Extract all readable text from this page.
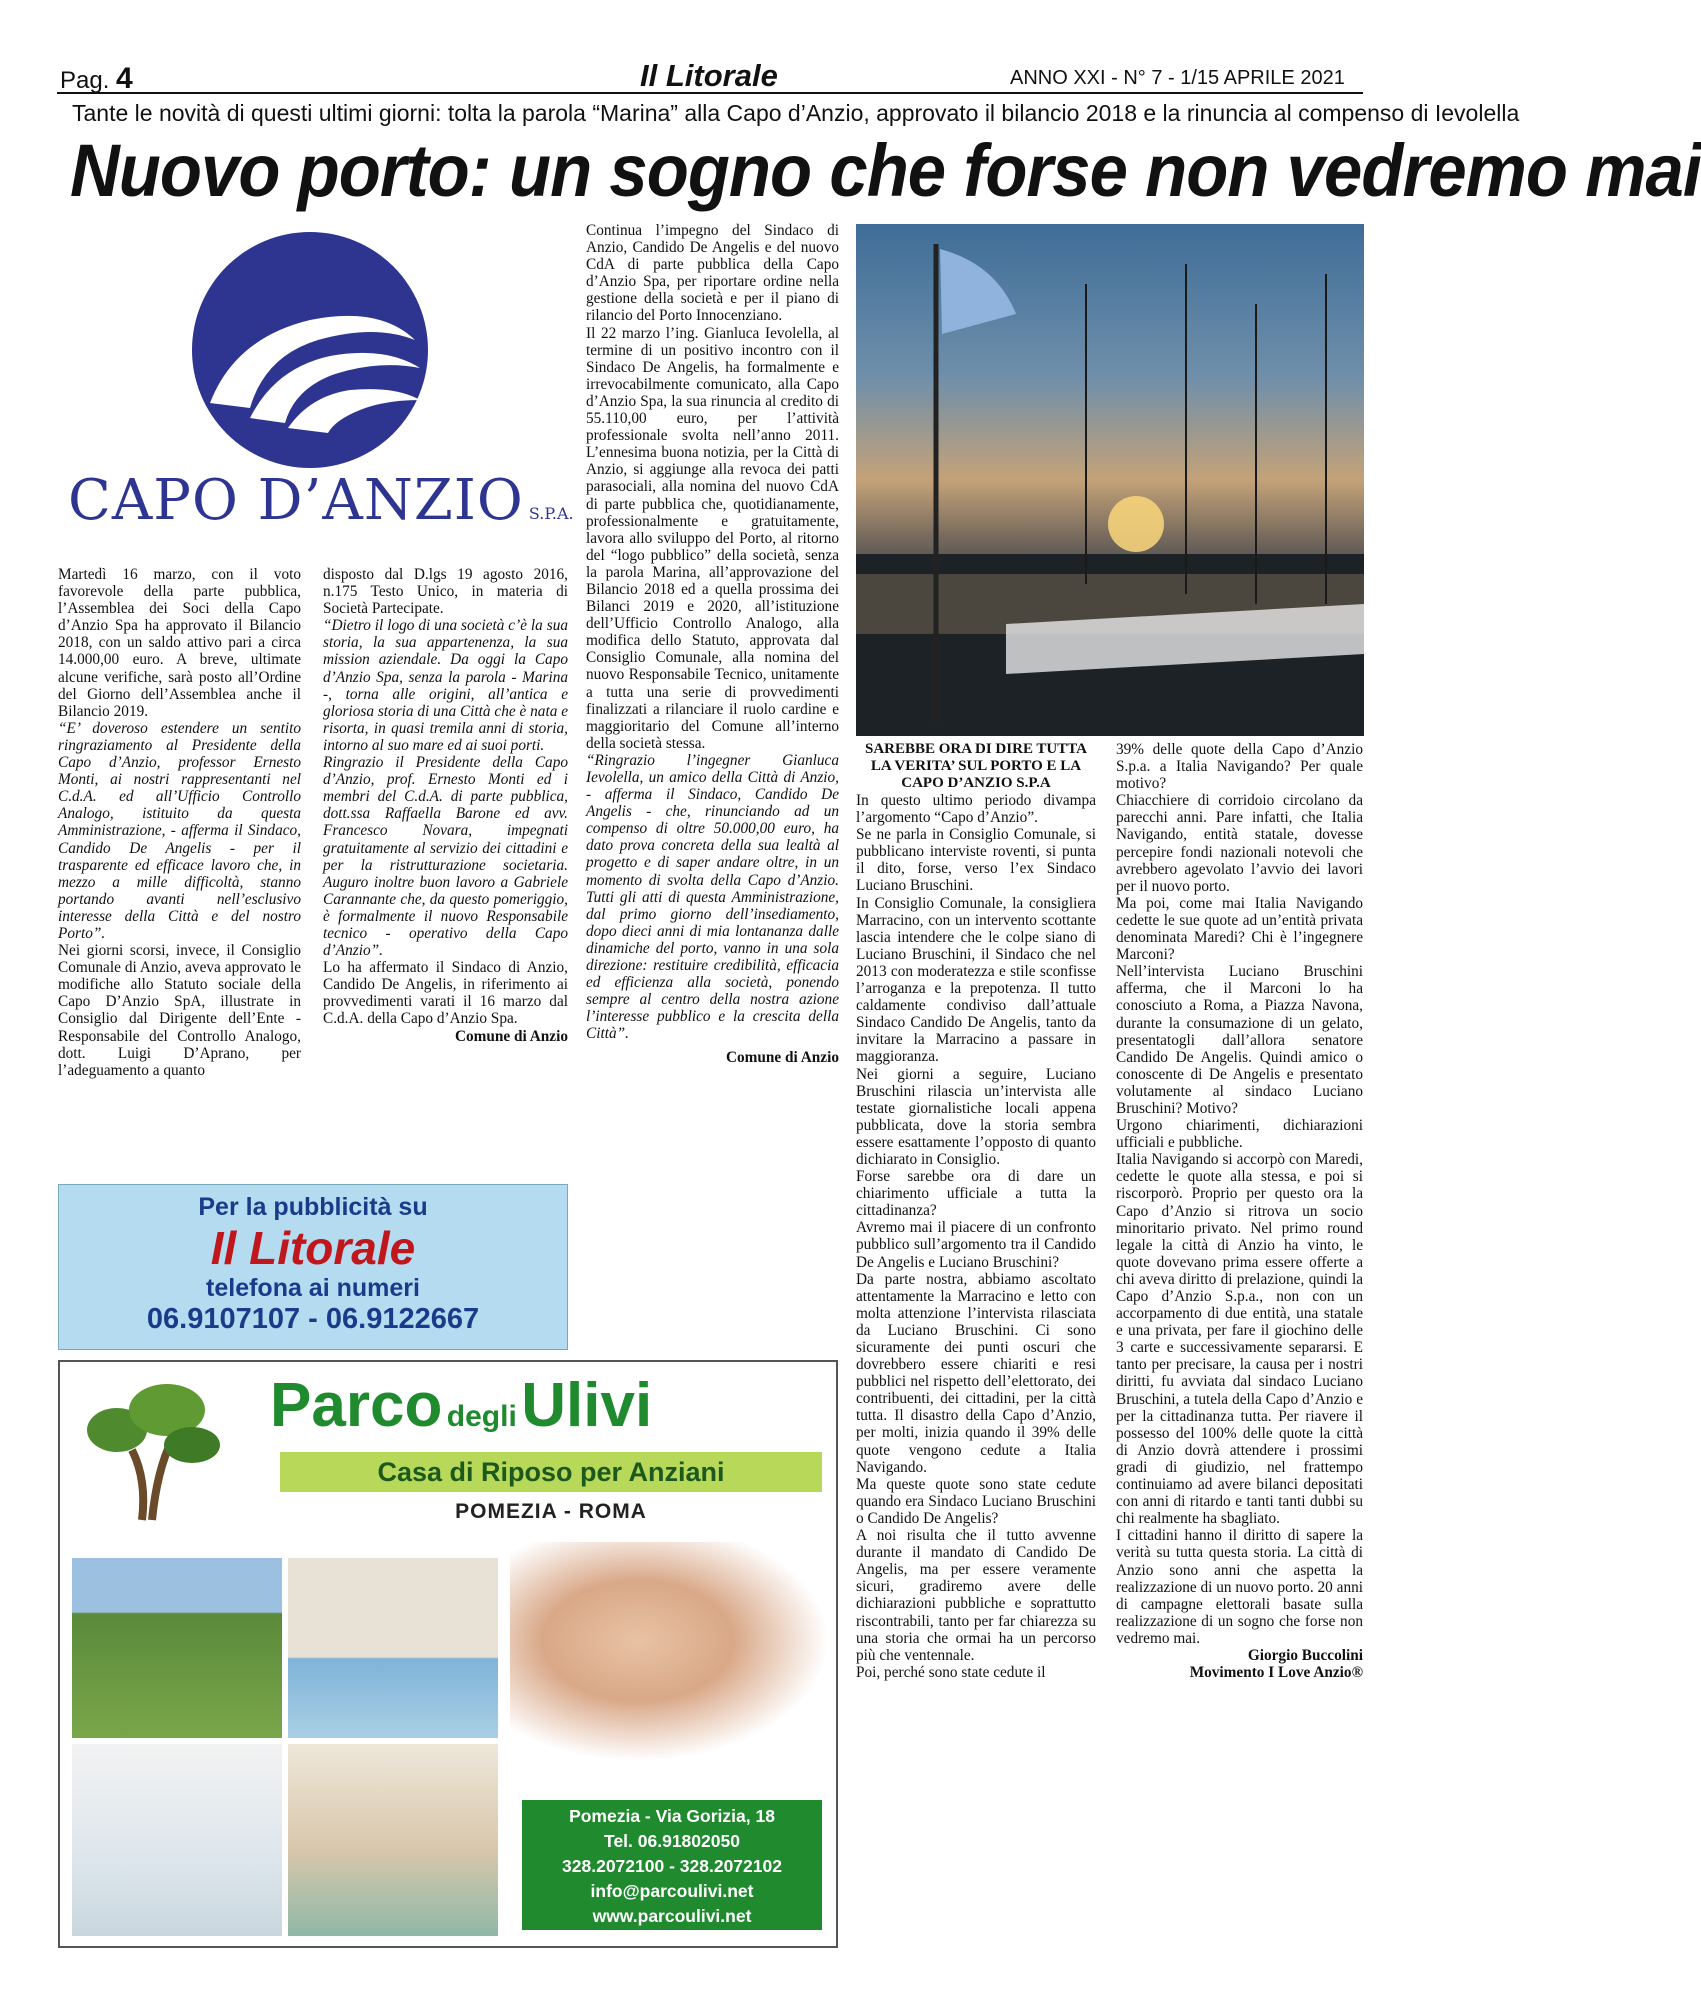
Pag. 4	Il Litorale	ANNO XXI - N° 7 - 1/15 APRILE 2021
Tante le novità di questi ultimi giorni: tolta la parola “Marina” alla Capo d’Anzio, approvato il bilancio 2018 e la rinuncia al compenso di Ievolella
Nuovo porto: un sogno che forse non vedremo mai
CAPO D’ANZIO S.P.A.

Martedì 16 marzo, con il voto favorevole della parte pubblica, l’Assemblea dei Soci della Capo d’Anzio Spa ha approvato il Bilancio 2018, con un saldo attivo pari a circa 14.000,00 euro. A breve, ultimate alcune verifiche, sarà posto all’Ordine del Giorno dell’Assemblea anche il Bilancio 2019.

“E’ doveroso estendere un sentito ringraziamento al Presidente della Capo d’Anzio, professor Ernesto Monti, ai nostri rappresentanti nel C.d.A. ed all’Ufficio Controllo Analogo, istituito da questa Amministrazione, - afferma il Sindaco, Candido De Angelis - per il trasparente ed efficace lavoro che, in mezzo a mille difficoltà, stanno portando avanti nell’esclusivo interesse della Città e del nostro Porto”.

Nei giorni scorsi, invece, il Consiglio Comunale di Anzio, aveva approvato le modifiche allo Statuto sociale della Capo D’Anzio SpA, illustrate in Consiglio dal Dirigente dell’Ente - Responsabile del Controllo Analogo, dott. Luigi D’Aprano, per l’adeguamento a quanto

disposto dal D.lgs 19 agosto 2016, n.175 Testo Unico, in materia di Società Partecipate.

“Dietro il logo di una società c’è la sua storia, la sua appartenenza, la sua mission aziendale. Da oggi la Capo d’Anzio Spa, senza la parola - Marina -, torna alle origini, all’antica e gloriosa storia di una Città che è nata e risorta, in quasi tremila anni di storia, intorno al suo mare ed ai suoi porti.

Ringrazio il Presidente della Capo d’Anzio, prof. Ernesto Monti ed i membri del C.d.A. di parte pubblica, dott.ssa Raffaella Barone ed avv. Francesco Novara, impegnati gratuitamente al servizio dei cittadini e per la ristrutturazione societaria. Auguro inoltre buon lavoro a Gabriele Carannante che, da questo pomeriggio, è formalmente il nuovo Responsabile tecnico - operativo della Capo d’Anzio”.

Lo ha affermato il Sindaco di Anzio, Candido De Angelis, in riferimento ai provvedimenti varati il 16 marzo dal C.d.A. della Capo d’Anzio Spa.

Comune di Anzio

Continua l’impegno del Sindaco di Anzio, Candido De Angelis e del nuovo CdA di parte pubblica della Capo d’Anzio Spa, per riportare ordine nella gestione della società e per il piano di rilancio del Porto Innocenziano.

Il 22 marzo l’ing. Gianluca Ievolella, al termine di un positivo incontro con il Sindaco De Angelis, ha formalmente e irrevocabilmente comunicato, alla Capo d’Anzio Spa, la sua rinuncia al credito di 55.110,00 euro, per l’attività professionale svolta nell’anno 2011. L’ennesima buona notizia, per la Città di Anzio, si aggiunge alla revoca dei patti parasociali, alla nomina del nuovo CdA di parte pubblica che, quotidianamente, professionalmente e gratuitamente, lavora allo sviluppo del Porto, al ritorno del “logo pubblico” della società, senza la parola Marina, all’approvazione del Bilancio 2018 ed a quella prossima dei Bilanci 2019 e 2020, all’istituzione dell’Ufficio Controllo Analogo, alla modifica dello Statuto, approvata dal Consiglio Comunale, alla nomina del nuovo Responsabile Tecnico, unitamente a tutta una serie di provvedimenti finalizzati a rilanciare il ruolo cardine e maggioritario del Comune all’interno della società stessa.

“Ringrazio l’ingegner Gianluca Ievolella, un amico della Città di Anzio, - afferma il Sindaco, Candido De Angelis - che, rinunciando ad un compenso di oltre 50.000,00 euro, ha dato prova concreta della sua lealtà al progetto e di saper andare oltre, in un momento di svolta della Capo d’Anzio. Tutti gli atti di questa Amministrazione, dal primo giorno dell’insediamento, dopo dieci anni di mia lontananza dalle dinamiche del porto, vanno in una sola direzione: restituire credibilità, efficacia ed efficienza alla società, ponendo sempre al centro della nostra azione l’interesse pubblico e la crescita della Città”.

Comune di Anzio

SAREBBE ORA DI DIRE TUTTA LA VERITA’ SUL PORTO E LA CAPO D’ANZIO S.P.A

In questo ultimo periodo divampa l’argomento “Capo d’Anzio”.

Se ne parla in Consiglio Comunale, si pubblicano interviste roventi, si punta il dito, forse, verso l’ex Sindaco Luciano Bruschini.

In Consiglio Comunale, la consigliera Marracino, con un intervento scottante lascia intendere che le colpe siano di Luciano Bruschini, il Sindaco che nel 2013 con moderatezza e stile sconfisse l’arroganza e la prepotenza. Il tutto caldamente condiviso dall’attuale Sindaco Candido De Angelis, tanto da invitare la Marracino a passare in maggioranza.

Nei giorni a seguire, Luciano Bruschini rilascia un’intervista alle testate giornalistiche locali appena pubblicata, dove la storia sembra essere esattamente l’opposto di quanto dichiarato in Consiglio.

Forse sarebbe ora di dare un chiarimento ufficiale a tutta la cittadinanza?

Avremo mai il piacere di un confronto pubblico sull’argomento tra il Candido De Angelis e Luciano Bruschini?

Da parte nostra, abbiamo ascoltato attentamente la Marracino e letto con molta attenzione l’intervista rilasciata da Luciano Bruschini. Ci sono sicuramente dei punti oscuri che dovrebbero essere chiariti e resi pubblici nel rispetto dell’elettorato, dei contribuenti, dei cittadini, per la città tutta. Il disastro della Capo d’Anzio, per molti, inizia quando il 39% delle quote vengono cedute a Italia Navigando.

Ma queste quote sono state cedute quando era Sindaco Luciano Bruschini o Candido De Angelis?

A noi risulta che il tutto avvenne durante il mandato di Candido De Angelis, ma per essere veramente sicuri, gradiremo avere delle dichiarazioni pubbliche e soprattutto riscontrabili, tanto per far chiarezza su una storia che ormai ha un percorso più che ventennale.

Poi, perché sono state cedute il

39% delle quote della Capo d’Anzio S.p.a. a Italia Navigando? Per quale motivo?

Chiacchiere di corridoio circolano da parecchi anni. Pare infatti, che Italia Navigando, entità statale, dovesse percepire fondi nazionali notevoli che avrebbero agevolato l’avvio dei lavori per il nuovo porto.

Ma poi, come mai Italia Navigando cedette le sue quote ad un’entità privata denominata Maredi? Chi è l’ingegnere Marconi?

Nell’intervista Luciano Bruschini afferma, che il Marconi lo ha conosciuto a Roma, a Piazza Navona, durante la consumazione di un gelato, presentatogli dall’allora senatore Candido De Angelis. Quindi amico o conoscente di De Angelis e presentato volutamente al sindaco Luciano Bruschini? Motivo?

Urgono chiarimenti, dichiarazioni ufficiali e pubbliche.

Italia Navigando si accorpò con Maredi, cedette le quote alla stessa, e poi si riscorporò. Proprio per questo ora la Capo d’Anzio si ritrova un socio minoritario privato. Nel primo round legale la città di Anzio ha vinto, le quote dovevano prima essere offerte a chi aveva diritto di prelazione, quindi la Capo d’Anzio S.p.a., non con un accorpamento di due entità, una statale e una privata, per fare il giochino delle 3 carte e successivamente separarsi. E tanto per precisare, la causa per i nostri diritti, fu avviata dal sindaco Luciano Bruschini, a tutela della Capo d’Anzio e per la cittadinanza tutta. Per riavere il possesso del 100% delle quote la città di Anzio dovrà attendere i prossimi gradi di giudizio, nel frattempo continuiamo ad avere bilanci depositati con anni di ritardo e tanti tanti dubbi su chi realmente ha sbagliato.

I cittadini hanno il diritto di sapere la verità su tutta questa storia. La città di Anzio sono anni che aspetta la realizzazione di un nuovo porto. 20 anni di campagne elettorali basate sulla realizzazione di un sogno che forse non vedremo mai.

Giorgio Buccolini

Movimento I Love Anzio®

Per la pubblicità su
Il Litorale
telefona ai numeri
06.9107107 - 06.9122667
Parco degli Ulivi
Casa di Riposo per Anziani
POMEZIA - ROMA
Pomezia - Via Gorizia, 18
Tel. 06.91802050
328.2072100 - 328.2072102
info@parcoulivi.net
www.parcoulivi.net
